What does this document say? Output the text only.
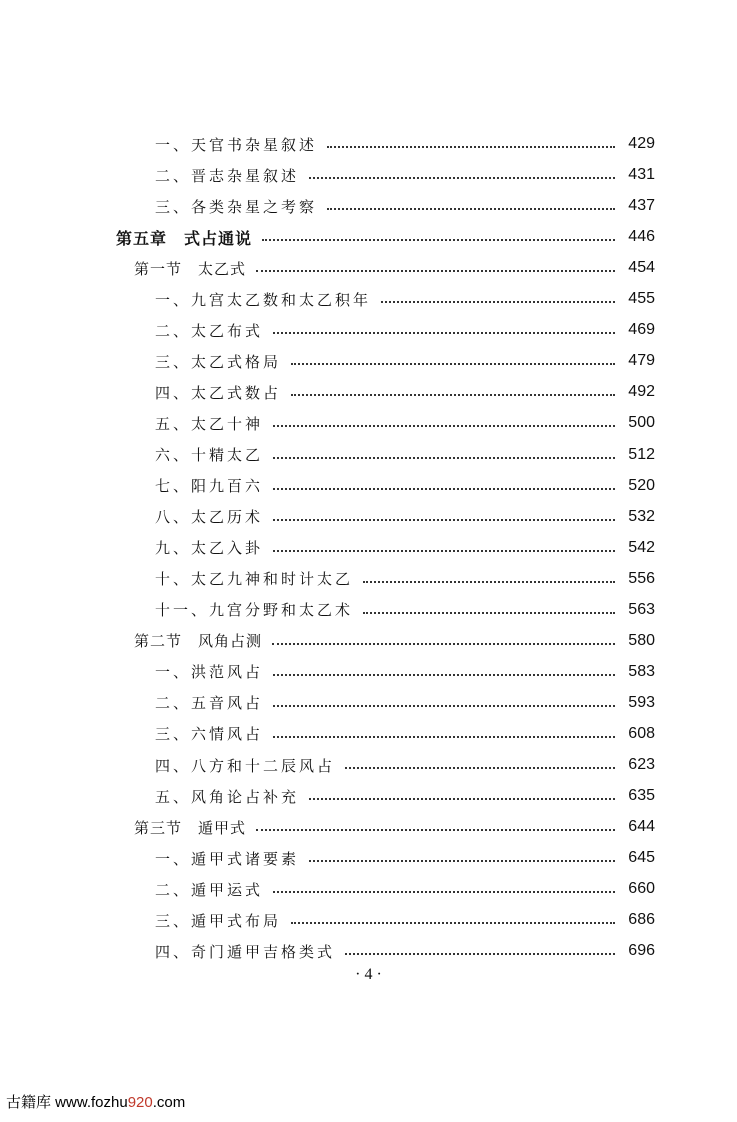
一、天官书杂星叙述	429
二、晋志杂星叙述	431
三、各类杂星之考察	437
第五章　式占通说	446
第一节　太乙式	454
一、九宫太乙数和太乙积年	455
二、太乙布式	469
三、太乙式格局	479
四、太乙式数占	492
五、太乙十神	500
六、十精太乙	512
七、阳九百六	520
八、太乙历术	532
九、太乙入卦	542
十、太乙九神和时计太乙	556
十一、九宫分野和太乙术	563
第二节　风角占测	580
一、洪范风占	583
二、五音风占	593
三、六情风占	608
四、八方和十二辰风占	623
五、风角论占补充	635
第三节　遁甲式	644
一、遁甲式诸要素	645
二、遁甲运式	660
三、遁甲式布局	686
四、奇门遁甲吉格类式	696
· 4 ·
古籍库 www.fozhu920.com
